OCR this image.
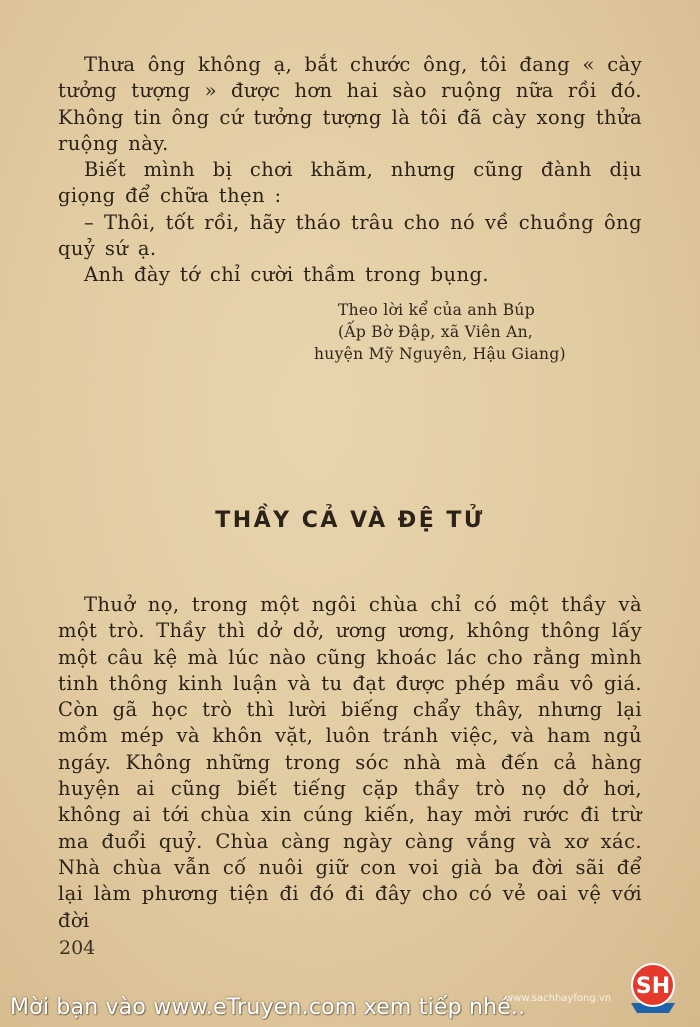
Thưa ông không ạ, bắt chước ông, tôi đang « cày tưởng tượng » được hơn hai sào ruộng nữa rồi đó. Không tin ông cứ tưởng tượng là tôi đã cày xong thửa ruộng này.

Biết mình bị chơi khăm, nhưng cũng đành dịu giọng để chữa thẹn :

– Thôi, tốt rồi, hãy tháo trâu cho nó về chuồng ông quỷ sứ ạ.

Anh đày tớ chỉ cười thầm trong bụng.

Theo lời kể của anh Búp
(Ấp Bờ Đập, xã Viên An,
huyện Mỹ Nguyên, Hậu Giang)
THẦY CẢ VÀ ĐỆ TỬ

Thuở nọ, trong một ngôi chùa chỉ có một thầy và một trò. Thầy thì dở dở, ương ương, không thông lấy một câu kệ mà lúc nào cũng khoác lác cho rằng mình tinh thông kinh luận và tu đạt được phép mầu vô giá. Còn gã học trò thì lười biếng chẩy thây, nhưng lại mồm mép và khôn vặt, luôn tránh việc, và ham ngủ ngáy. Không những trong sóc nhà mà đến cả hàng huyện ai cũng biết tiếng cặp thầy trò nọ dở hơi, không ai tới chùa xin cúng kiến, hay mời rước đi trừ ma đuổi quỷ. Chùa càng ngày càng vắng và xơ xác. Nhà chùa vẫn cố nuôi giữ con voi già ba đời sãi để lại làm phương tiện đi đó đi đây cho có vẻ oai vệ với đời

204
Mời bạn vào www.eTruyen.com xem tiếp nhé..
www.sachhayfong.vn SH
